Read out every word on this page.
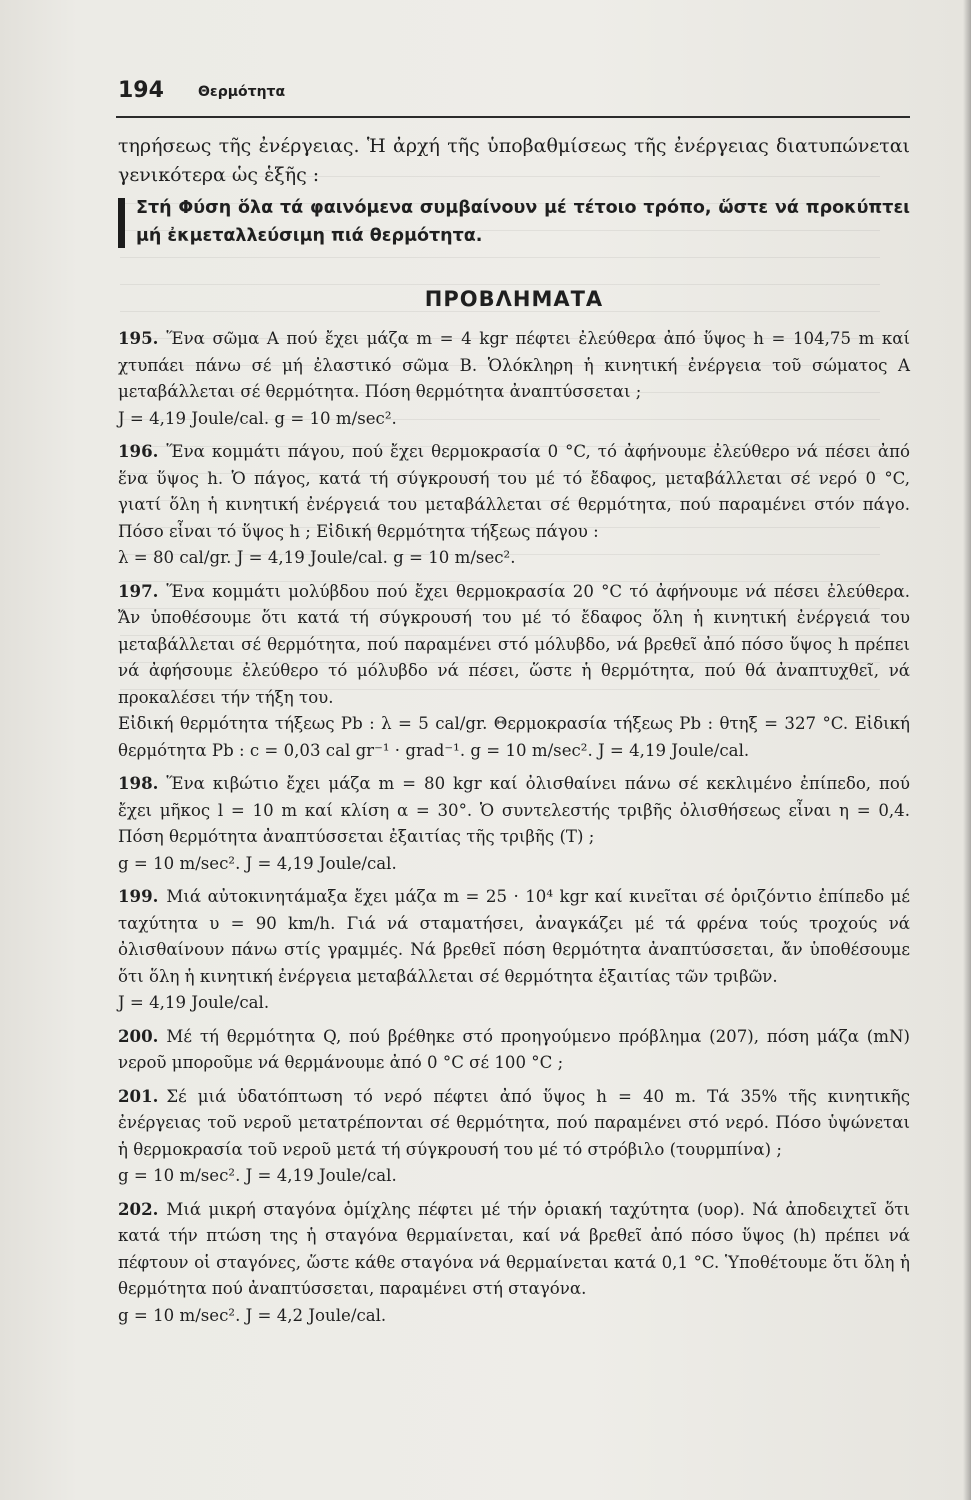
194 Θερμότητα

τηρήσεως τῆς ἐνέργειας. Ἡ ἀρχή τῆς ὑποβαθμίσεως τῆς ἐνέργειας διατυπώνεται γενικότερα ὡς ἑξῆς :

Στή Φύση ὅλα τά φαινόμενα συμβαίνουν μέ τέτοιο τρόπο, ὥστε νά προκύπτει μή ἐκμεταλλεύσιμη πιά θερμότητα.
ΠΡΟΒΛΗΜΑΤΑ

195. Ἕνα σῶμα Α πού ἔχει μάζα m = 4 kgr πέφτει ἐλεύθερα ἀπό ὕψος h = 104,75 m καί χτυπάει πάνω σέ μή ἐλαστικό σῶμα Β. Ὁλόκληρη ἡ κινητική ἐνέργεια τοῦ σώματος Α μεταβάλλεται σέ θερμότητα. Πόση θερμότητα ἀναπτύσσεται ;
J = 4,19 Joule/cal. g = 10 m/sec².

196. Ἕνα κομμάτι πάγου, πού ἔχει θερμοκρασία 0 °C, τό ἀφήνουμε ἐλεύθερο νά πέσει ἀπό ἕνα ὕψος h. Ὁ πάγος, κατά τή σύγκρουσή του μέ τό ἔδαφος, μεταβάλλεται σέ νερό 0 °C, γιατί ὅλη ἡ κινητική ἐνέργειά του μεταβάλλεται σέ θερμότητα, πού παραμένει στόν πάγο. Πόσο εἶναι τό ὕψος h ; Εἰδική θερμότητα τήξεως πάγου :
λ = 80 cal/gr. J = 4,19 Joule/cal. g = 10 m/sec².

197. Ἕνα κομμάτι μολύβδου πού ἔχει θερμοκρασία 20 °C τό ἀφήνουμε νά πέσει ἐλεύθερα. Ἄν ὑποθέσουμε ὅτι κατά τή σύγκρουσή του μέ τό ἔδαφος ὅλη ἡ κινητική ἐνέργειά του μεταβάλλεται σέ θερμότητα, πού παραμένει στό μόλυβδο, νά βρεθεῖ ἀπό πόσο ὕψος h πρέπει νά ἀφήσουμε ἐλεύθερο τό μόλυβδο νά πέσει, ὥστε ἡ θερμότητα, πού θά ἀναπτυχθεῖ, νά προκαλέσει τήν τήξη του.
Εἰδική θερμότητα τήξεως Pb : λ = 5 cal/gr. Θερμοκρασία τήξεως Pb : θτηξ = 327 °C. Εἰδική θερμότητα Pb : c = 0,03 cal gr⁻¹ · grad⁻¹. g = 10 m/sec². J = 4,19 Joule/cal.

198. Ἕνα κιβώτιο ἔχει μάζα m = 80 kgr καί ὀλισθαίνει πάνω σέ κεκλιμένο ἐπίπεδο, πού ἔχει μῆκος l = 10 m καί κλίση α = 30°. Ὁ συντελεστής τριβῆς ὀλισθήσεως εἶναι η = 0,4. Πόση θερμότητα ἀναπτύσσεται ἐξαιτίας τῆς τριβῆς (Τ) ;
g = 10 m/sec². J = 4,19 Joule/cal.

199. Μιά αὐτοκινητάμαξα ἔχει μάζα m = 25 · 10⁴ kgr καί κινεῖται σέ ὁριζόντιο ἐπίπεδο μέ ταχύτητα υ = 90 km/h. Γιά νά σταματήσει, ἀναγκάζει μέ τά φρένα τούς τροχούς νά ὀλισθαίνουν πάνω στίς γραμμές. Νά βρεθεῖ πόση θερμότητα ἀναπτύσσεται, ἄν ὑποθέσουμε ὅτι ὅλη ἡ κινητική ἐνέργεια μεταβάλλεται σέ θερμότητα ἐξαιτίας τῶν τριβῶν.
J = 4,19 Joule/cal.

200. Μέ τή θερμότητα Q, πού βρέθηκε στό προηγούμενο πρόβλημα (207), πόση μάζα (mN) νεροῦ μποροῦμε νά θερμάνουμε ἀπό 0 °C σέ 100 °C ;

201. Σέ μιά ὑδατόπτωση τό νερό πέφτει ἀπό ὕψος h = 40 m. Τά 35% τῆς κινητικῆς ἐνέργειας τοῦ νεροῦ μετατρέπονται σέ θερμότητα, πού παραμένει στό νερό. Πόσο ὑψώνεται ἡ θερμοκρασία τοῦ νεροῦ μετά τή σύγκρουσή του μέ τό στρόβιλο (τουρμπίνα) ;
g = 10 m/sec². J = 4,19 Joule/cal.

202. Μιά μικρή σταγόνα ὁμίχλης πέφτει μέ τήν ὁριακή ταχύτητα (υορ). Νά ἀποδειχτεῖ ὅτι κατά τήν πτώση της ἡ σταγόνα θερμαίνεται, καί νά βρεθεῖ ἀπό πόσο ὕψος (h) πρέπει νά πέφτουν οἱ σταγόνες, ὥστε κάθε σταγόνα νά θερμαίνεται κατά 0,1 °C. Ὑποθέτουμε ὅτι ὅλη ἡ θερμότητα πού ἀναπτύσσεται, παραμένει στή σταγόνα.
g = 10 m/sec². J = 4,2 Joule/cal.
